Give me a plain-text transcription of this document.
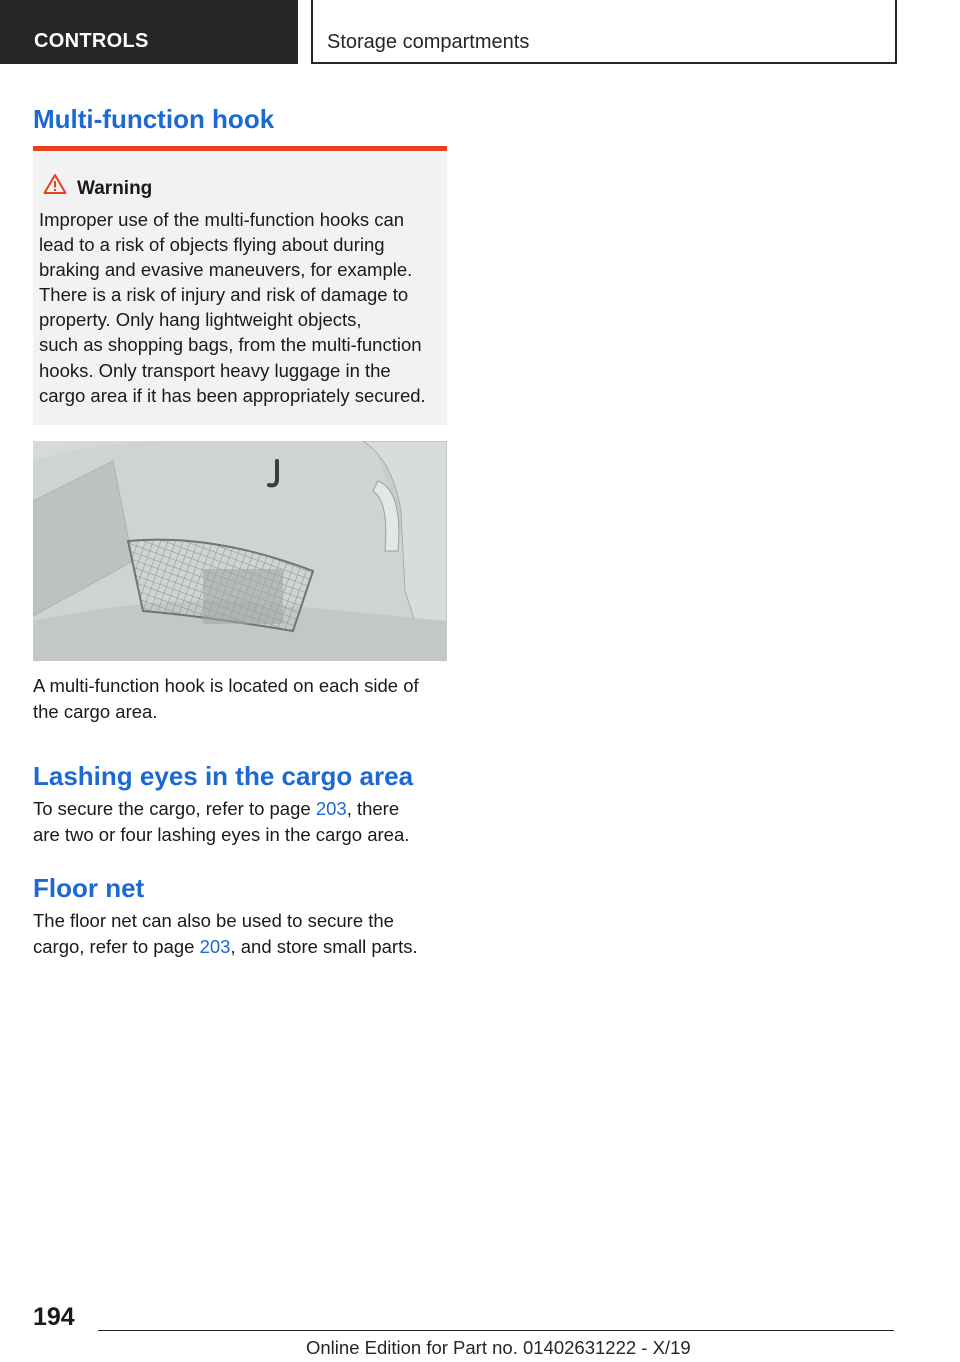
CONTROLS	Storage compartments
Multi-function hook
Warning
Improper use of the multi-function hooks can
lead to a risk of objects flying about during
braking and evasive maneuvers, for example.
There is a risk of injury and risk of damage to
property. Only hang lightweight objects,
such as shopping bags, from the multi-function
hooks. Only transport heavy luggage in the
cargo area if it has been appropriately secured.

A multi-function hook is located on each side of
the cargo area.

Lashing eyes in the cargo area

To secure the cargo, refer to page 203, there
are two or four lashing eyes in the cargo area.

Floor net

The floor net can also be used to secure the
cargo, refer to page 203, and store small parts.

194
Online Edition for Part no. 01402631222 - X/19
